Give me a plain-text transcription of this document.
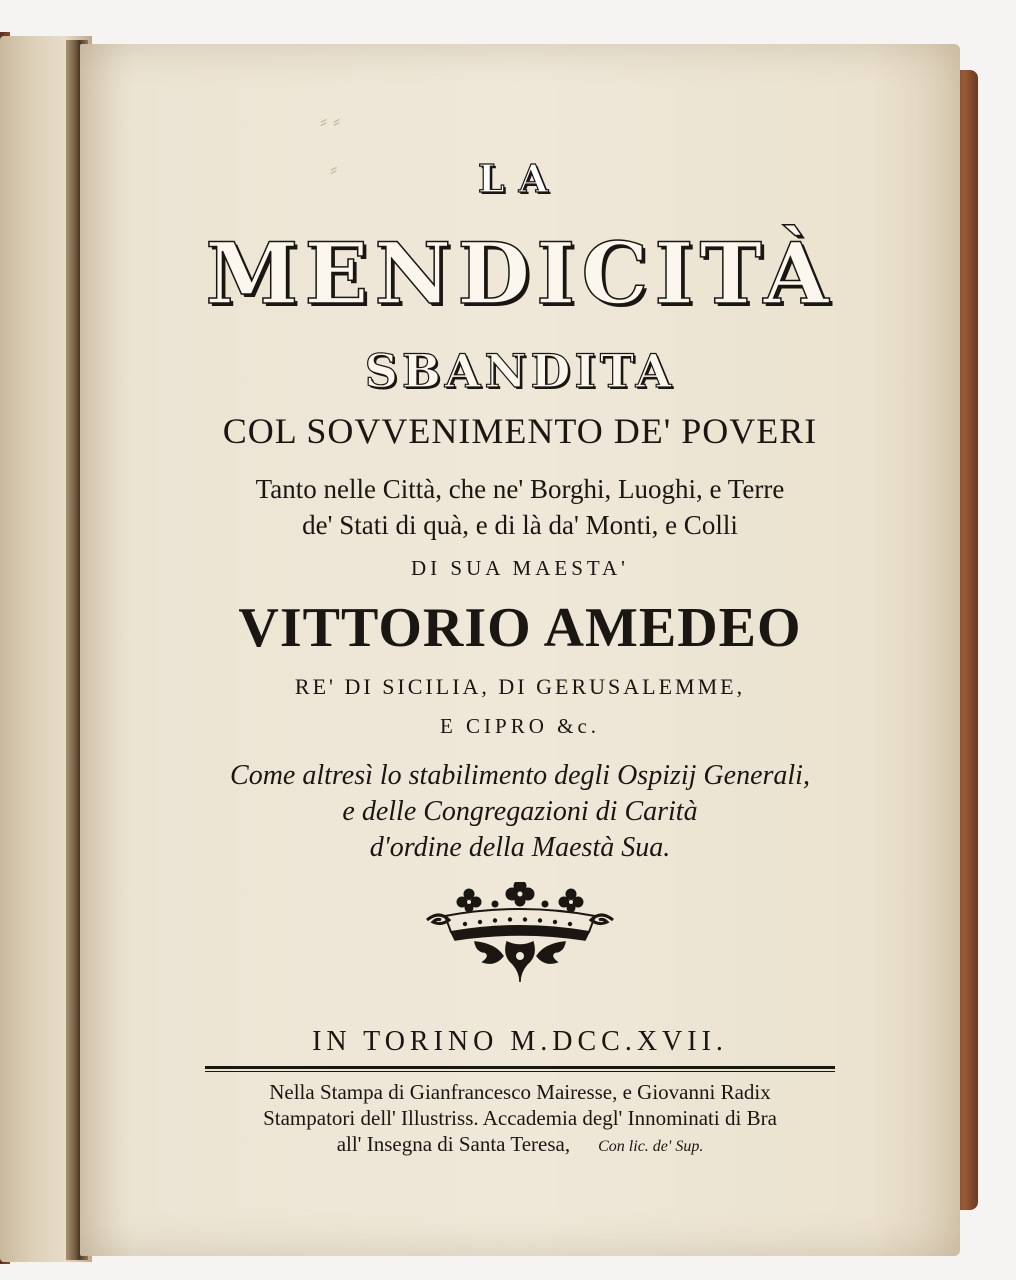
⸗ ⸗
⸗	LA
MENDICITÀ
SBANDITA
COL SOVVENIMENTO DE' POVERI
Tanto nelle Città, che ne' Borghi, Luoghi, e Terre
de' Stati di quà, e di là da' Monti, e Colli
DI SUA MAESTA'
VITTORIO AMEDEO
RE' DI SICILIA, DI GERUSALEMME,
E CIPRO &c.
Come altresì lo stabilimento degli Ospizij Generali,
e delle Congregazioni di Carità
d'ordine della Maestà Sua.
IN TORINO M.DCC.XVII.
Nella Stampa di Gianfrancesco Mairesse, e Giovanni Radix
Stampatori dell' Illustriss. Accademia degl' Innominati di Bra
all' Insegna di Santa Teresa, Con lic. de' Sup.
